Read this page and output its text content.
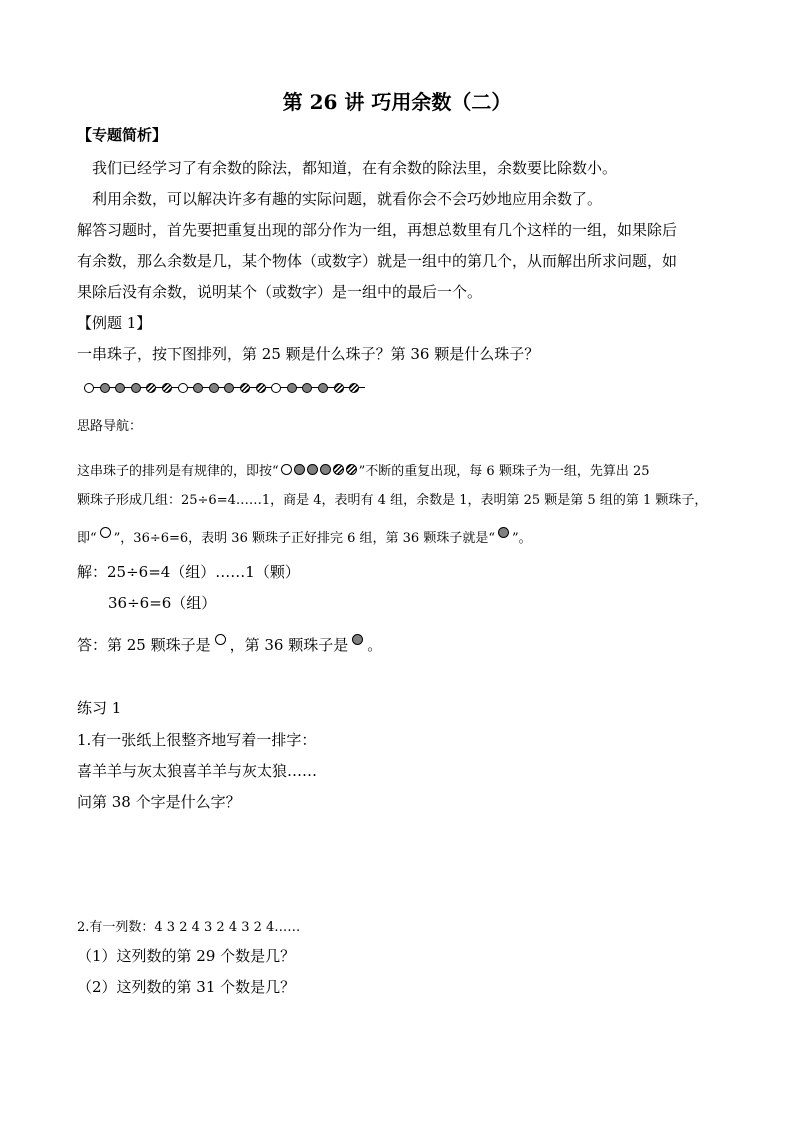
第 26 讲 巧用余数（二）
【专题简析】
我们已经学习了有余数的除法，都知道，在有余数的除法里，余数要比除数小。
利用余数，可以解决许多有趣的实际问题，就看你会不会巧妙地应用余数了。
解答习题时，首先要把重复出现的部分作为一组，再想总数里有几个这样的一组，如果除后
有余数，那么余数是几，某个物体（或数字）就是一组中的第几个，从而解出所求问题，如
果除后没有余数，说明某个（或数字）是一组中的最后一个。
【例题 1】
一串珠子，按下图排列，第 25 颗是什么珠子？第 36 颗是什么珠子？
思路导航：
这串珠子的排列是有规律的，即按“	”不断的重复出现，每 6 颗珠子为一组，先算出 25
颗珠子形成几组：25÷6=4……1，商是 4，表明有 4 组，余数是 1，表明第 25 颗是第 5 组的第 1 颗珠子，
即“ ”，36÷6=6，表明 36 颗珠子正好排完 6 组，第 36 颗珠子就是“ ”。
解：25÷6=4（组）……1（颗）
36÷6=6（组）
答：第 25 颗珠子是 ，第 36 颗珠子是 。
练习 1
1.有一张纸上很整齐地写着一排字：
喜羊羊与灰太狼喜羊羊与灰太狼……
问第 38 个字是什么字？
2.有一列数：4 3 2 4 3 2 4 3 2 4……
（1）这列数的第 29 个数是几？
（2）这列数的第 31 个数是几？
